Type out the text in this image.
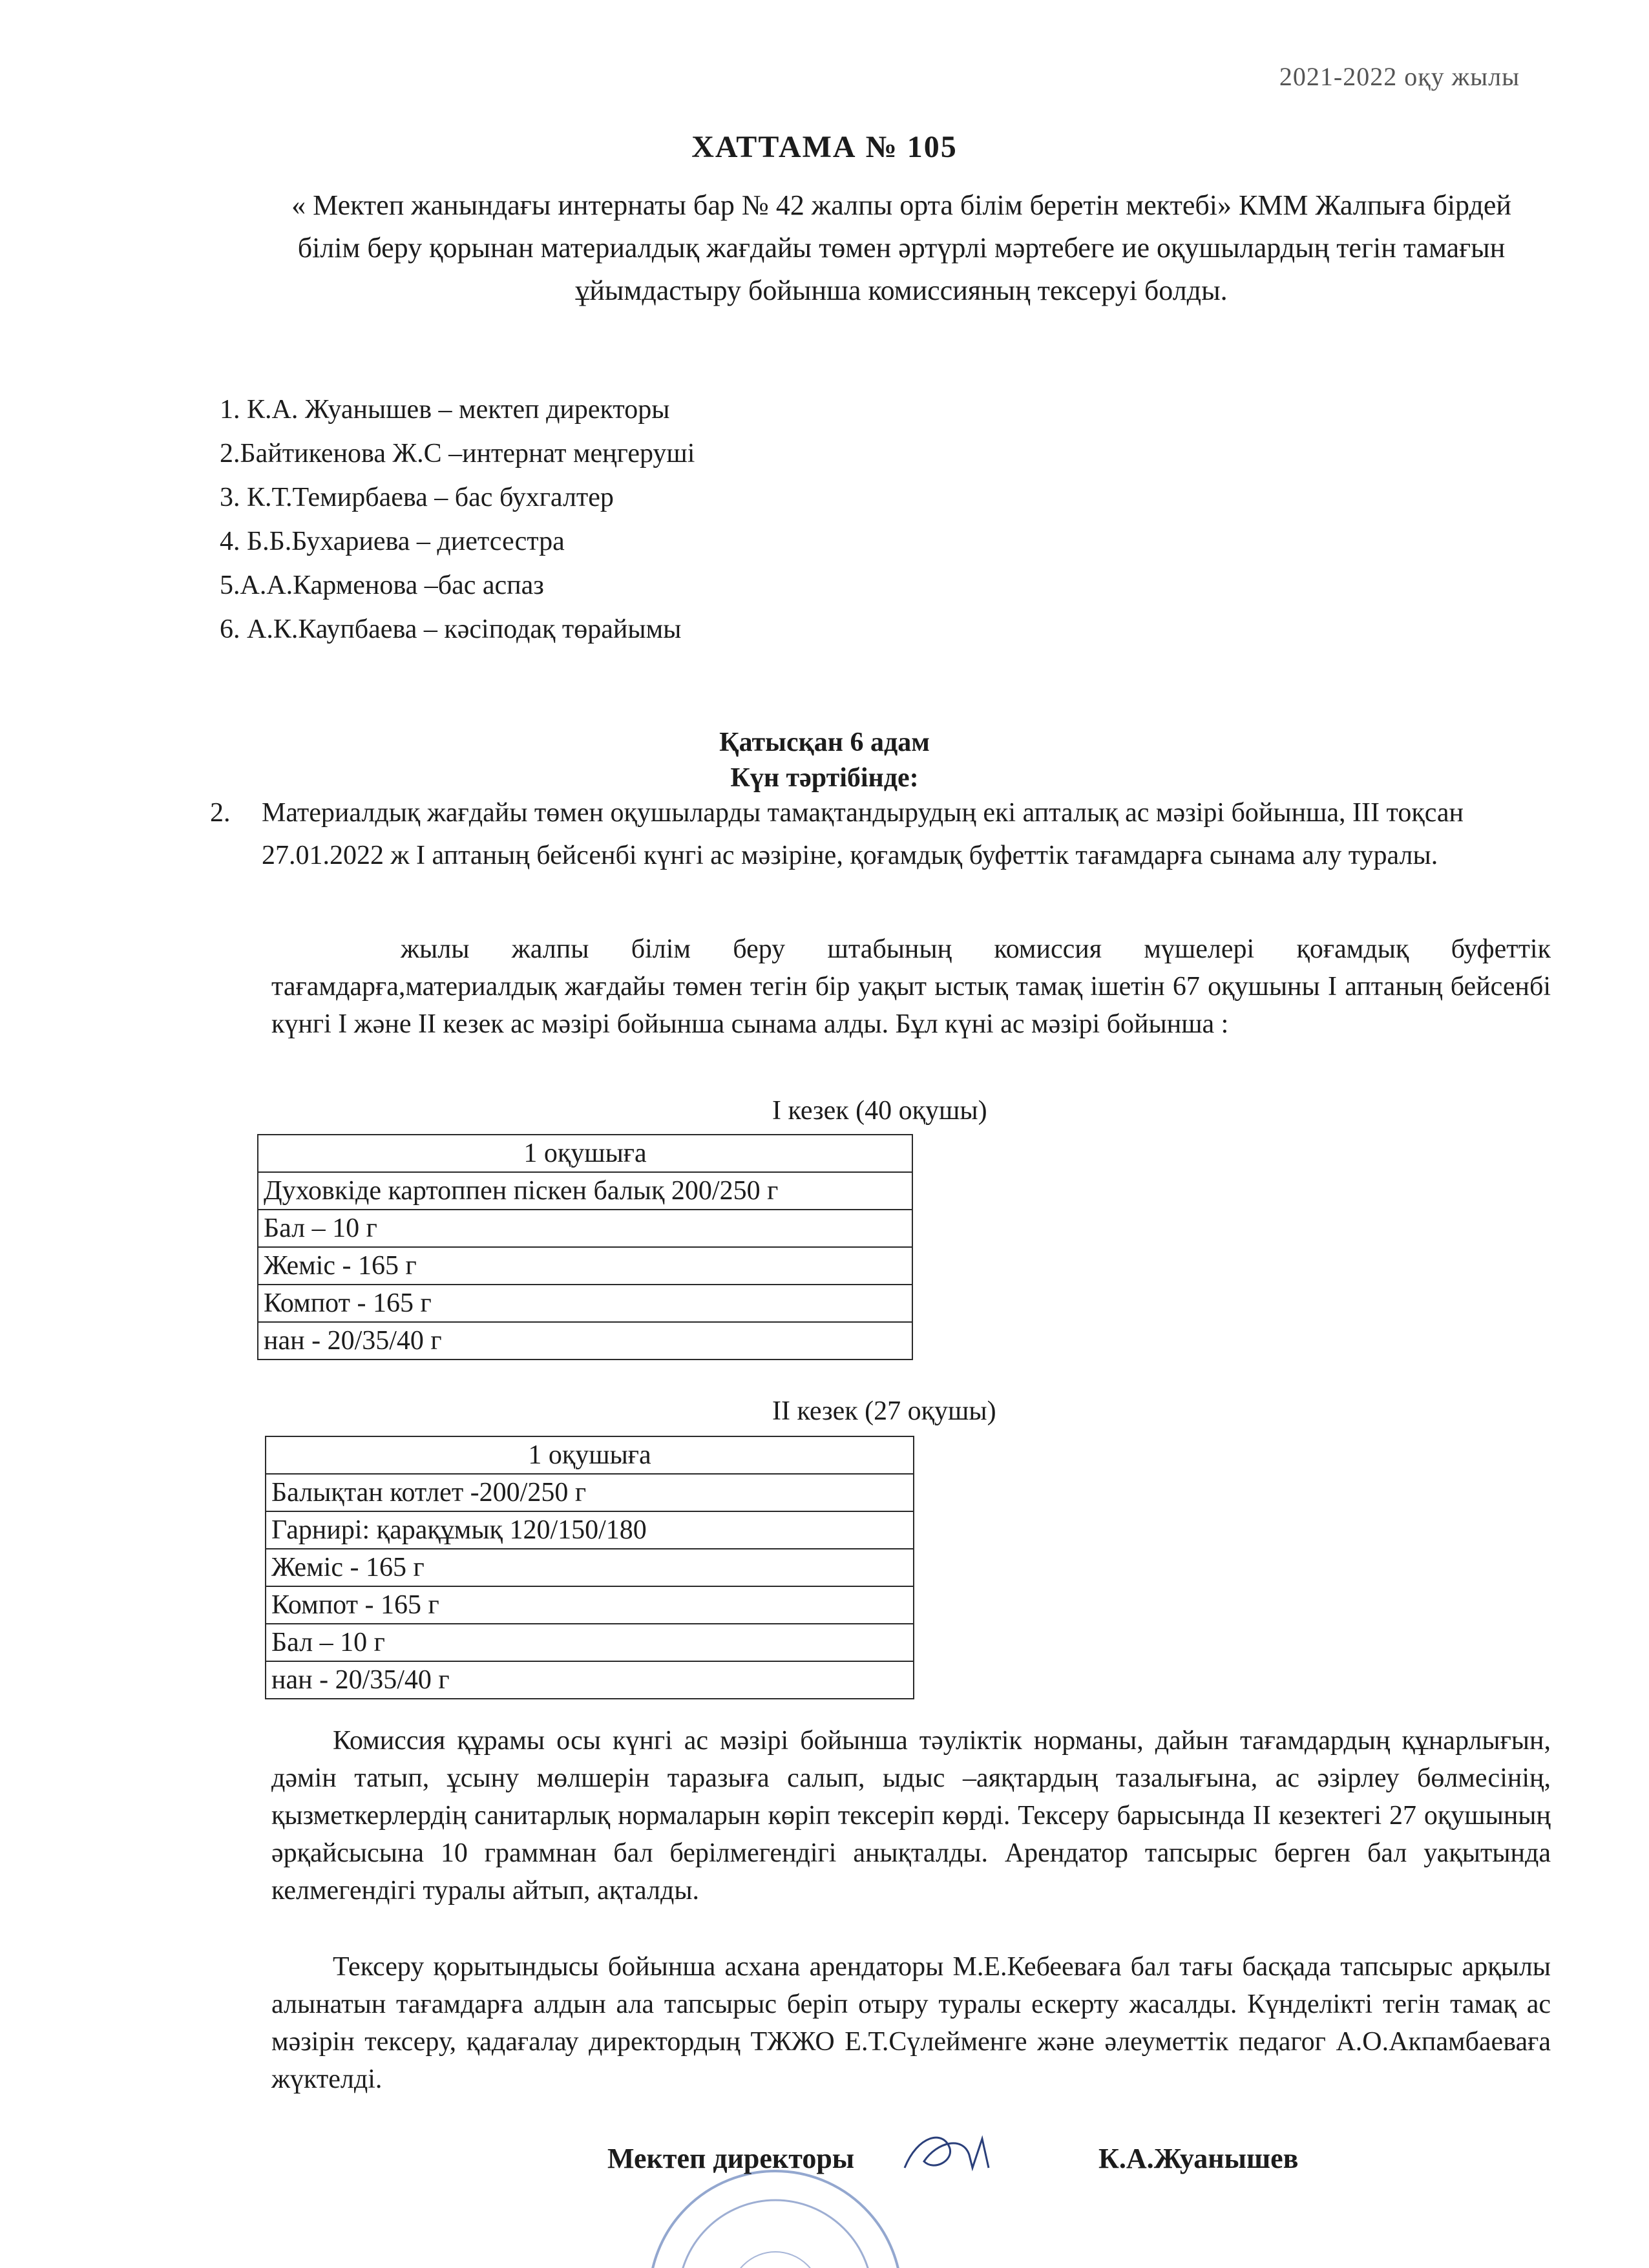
2021-2022 оқу жылы
ХАТТАМА № 105
« Мектеп жанындағы интернаты бар № 42 жалпы орта білім беретін мектебі» КММ Жалпыға бірдей білім беру қорынан материалдық жағдайы төмен әртүрлі мәртебеге ие оқушылардың тегін тамағын ұйымдастыру бойынша комиссияның тексеруі болды.
1. К.А. Жуанышев – мектеп директоры
2.Байтикенова Ж.С –интернат меңгеруші
3. К.Т.Темирбаева – бас бухгалтер
4. Б.Б.Бухариева – диетсестра
5.А.А.Карменова –бас аспаз
6. А.К.Каупбаева – кәсіподақ төрайымы
Қатысқан 6 адам
Күн тәртібінде:
2. Материалдық жағдайы төмен оқушыларды тамақтандырудың екі апталық ас мәзірі бойынша, III тоқсан 27.01.2022 ж I аптаның бейсенбі күнгі ас мәзіріне, қоғамдық буфеттік тағамдарға сынама алу туралы.
жылы жалпы білім беру штабының комиссия мүшелері қоғамдық буфеттік тағамдарға,материалдық жағдайы төмен тегін бір уақыт ыстық тамақ ішетін 67 оқушыны I аптаның бейсенбі күнгі I және II кезек ас мәзірі бойынша сынама алды. Бұл күні ас мәзірі бойынша :
I кезек (40 оқушы)
1 оқушыға
Духовкіде картоппен піскен балық 200/250 г
Бал – 10 г
Жеміс - 165 г
Компот - 165 г
нан - 20/35/40 г
II кезек (27 оқушы)
1 оқушыға
Балықтан котлет -200/250 г
Гарнирі: қарақұмық 120/150/180
Жеміс - 165 г
Компот - 165 г
Бал – 10 г
нан - 20/35/40 г
Комиссия құрамы осы күнгі ас мәзірі бойынша тәуліктік норманы, дайын тағамдардың құнарлығын, дәмін татып, ұсыну мөлшерін таразыға салып, ыдыс –аяқтардың тазалығына, ас әзірлеу бөлмесінің, қызметкерлердің санитарлық нормаларын көріп тексеріп көрді. Тексеру барысында II кезектегі 27 оқушының әрқайсысына 10 граммнан бал берілмегендігі анықталды. Арендатор тапсырыс берген бал уақытында келмегендігі туралы айтып, ақталды.
Тексеру қорытындысы бойынша асхана арендаторы М.Е.Кебееваға бал тағы басқада тапсырыс арқылы алынатын тағамдарға алдын ала тапсырыс беріп отыру туралы ескерту жасалды. Күнделікті тегін тамақ ас мәзірін тексеру, қадағалау директордың ТЖЖО Е.Т.Сүлейменге және әлеуметтік педагог А.О.Акпамбаеваға жүктелді.
Мектеп директоры	К.А.Жуанышев
